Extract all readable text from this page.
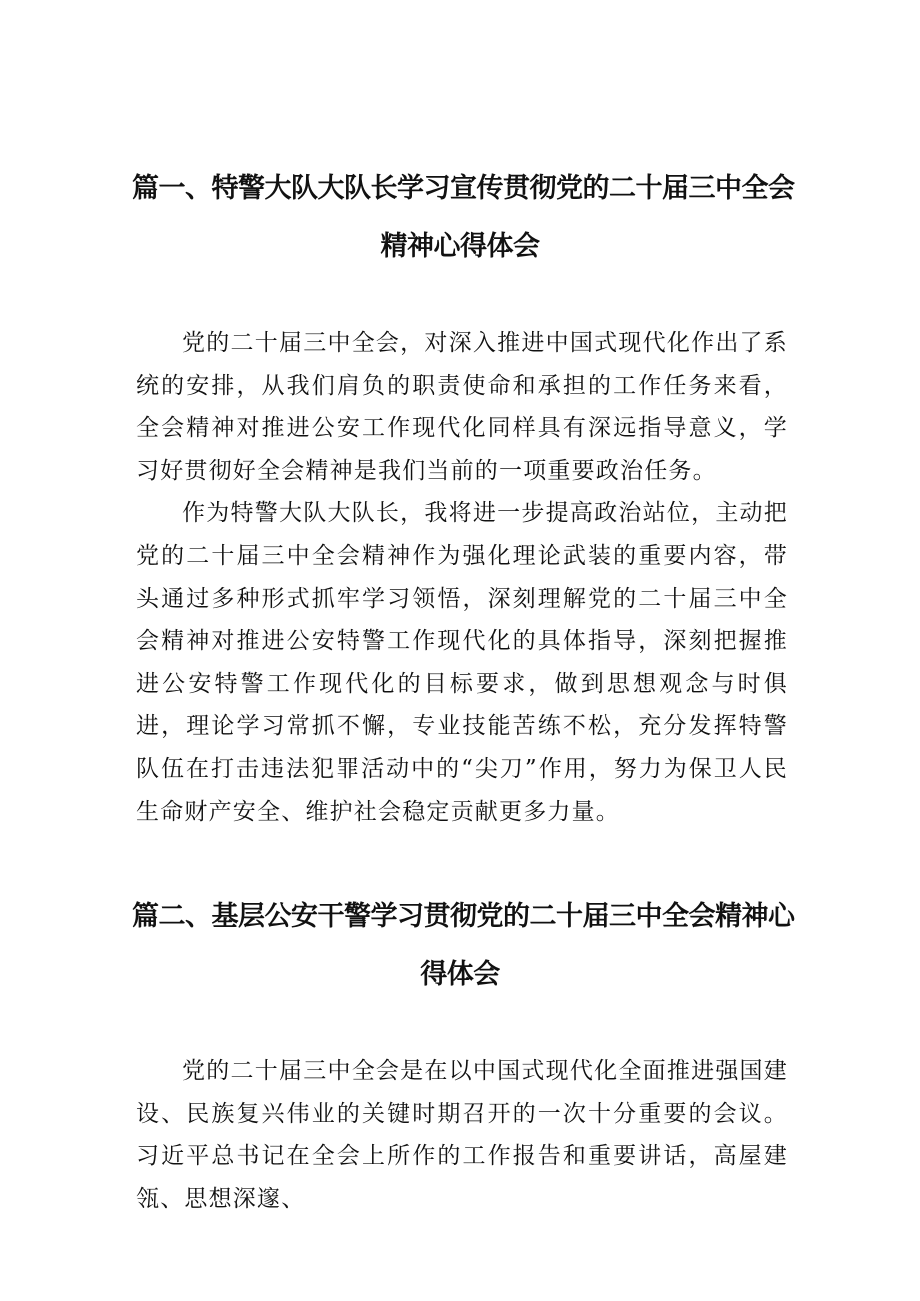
篇一、特警大队大队长学习宣传贯彻党的二十届三中全会
精神心得体会

党的二十届三中全会，对深入推进中国式现代化作出了系统的安排，从我们肩负的职责使命和承担的工作任务来看，全会精神对推进公安工作现代化同样具有深远指导意义，学习好贯彻好全会精神是我们当前的一项重要政治任务。

作为特警大队大队长，我将进一步提高政治站位，主动把党的二十届三中全会精神作为强化理论武装的重要内容，带头通过多种形式抓牢学习领悟，深刻理解党的二十届三中全会精神对推进公安特警工作现代化的具体指导，深刻把握推进公安特警工作现代化的目标要求，做到思想观念与时俱进，理论学习常抓不懈，专业技能苦练不松，充分发挥特警队伍在打击违法犯罪活动中的“尖刀”作用，努力为保卫人民生命财产安全、维护社会稳定贡献更多力量。

篇二、基层公安干警学习贯彻党的二十届三中全会精神心
得体会

党的二十届三中全会是在以中国式现代化全面推进强国建设、民族复兴伟业的关键时期召开的一次十分重要的会议。习近平总书记在全会上所作的工作报告和重要讲话，高屋建瓴、思想深邃、
